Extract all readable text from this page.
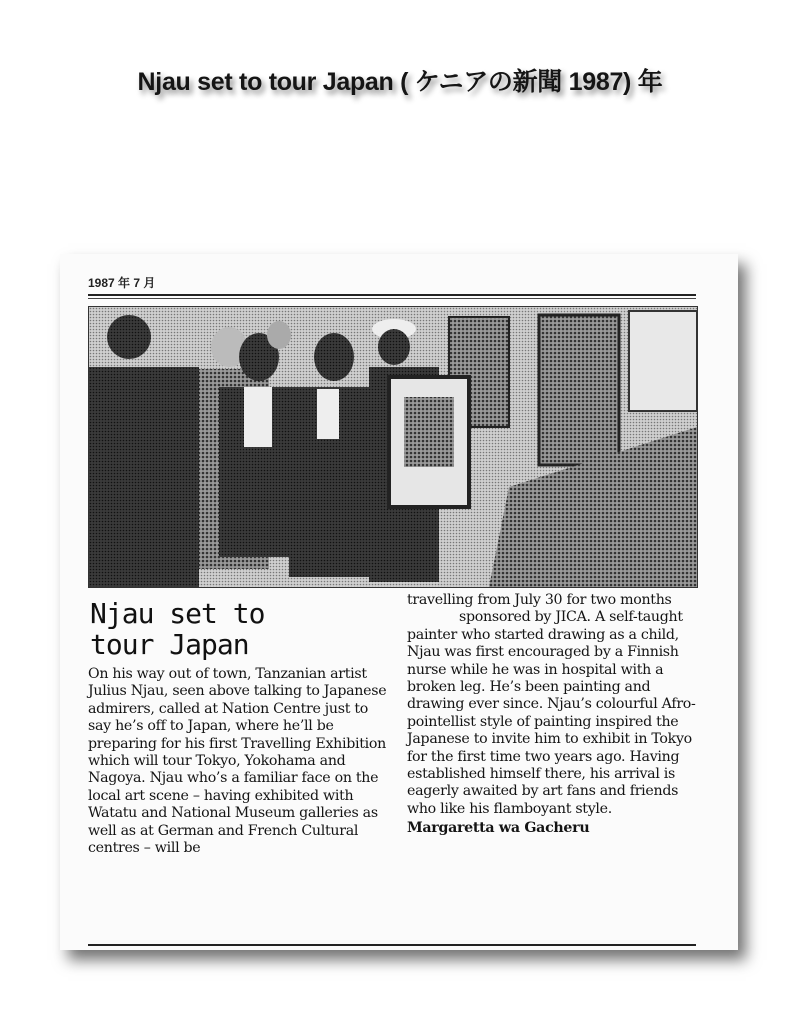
Njau set to tour Japan ( ケニアの新聞 1987) 年
1987 年 7 月
Njau set to
tour Japan

On his way out of town, Tanzanian artist Julius Njau, seen above talking to Japanese admirers, called at Nation Centre just to say he’s off to Japan, where he’ll be preparing for his first Travelling Exhibition which will tour Tokyo, Yokohama and Nagoya. Njau who’s a familiar face on the local art scene – having exhibited with Watatu and National Museum galleries as well as at German and French Cultural centres – will be

travelling from July 30 for two months

sponsored by JICA. A self-taught painter who started drawing as a child, Njau was first encouraged by a Finnish nurse while he was in hospital with a broken leg. He’s been painting and drawing ever since. Njau’s colourful Afro-pointellist style of painting inspired the Japanese to invite him to exhibit in Tokyo for the first time two years ago. Having established himself there, his arrival is eagerly awaited by art fans and friends who like his flamboyant style.

Margaretta wa Gacheru
